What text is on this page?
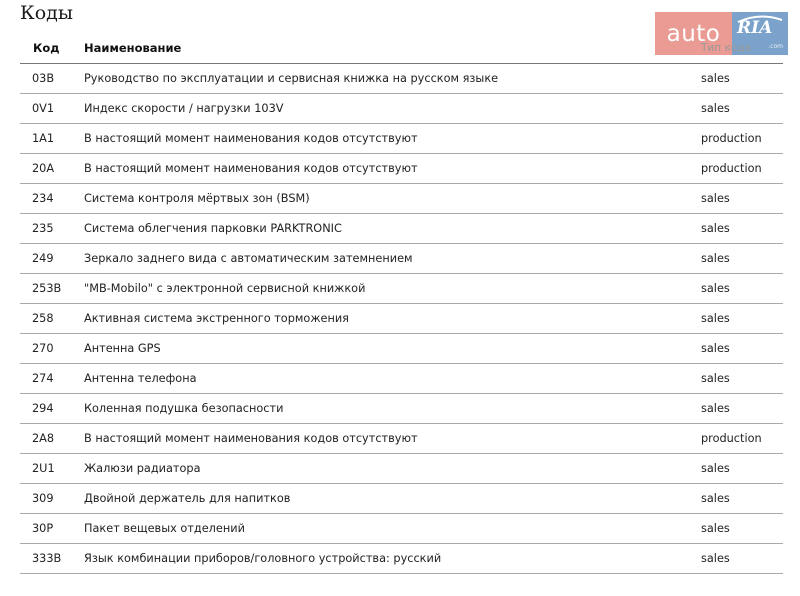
Коды
auto RIA
.com
Код	Наименование	Тип кода
03B	Руководство по эксплуатации и сервисная книжка на русском языке	sales
0V1	Индекс скорости / нагрузки 103V	sales
1A1	В настоящий момент наименования кодов отсутствуют	production
20A	В настоящий момент наименования кодов отсутствуют	production
234	Система контроля мёртвых зон (BSM)	sales
235	Система облегчения парковки PARKTRONIC	sales
249	Зеркало заднего вида с автоматическим затемнением	sales
253B	"MB-Mobilo" с электронной сервисной книжкой	sales
258	Активная система экстренного торможения	sales
270	Антенна GPS	sales
274	Антенна телефона	sales
294	Коленная подушка безопасности	sales
2A8	В настоящий момент наименования кодов отсутствуют	production
2U1	Жалюзи радиатора	sales
309	Двойной держатель для напитков	sales
30P	Пакет вещевых отделений	sales
333B	Язык комбинации приборов/головного устройства: русский	sales
